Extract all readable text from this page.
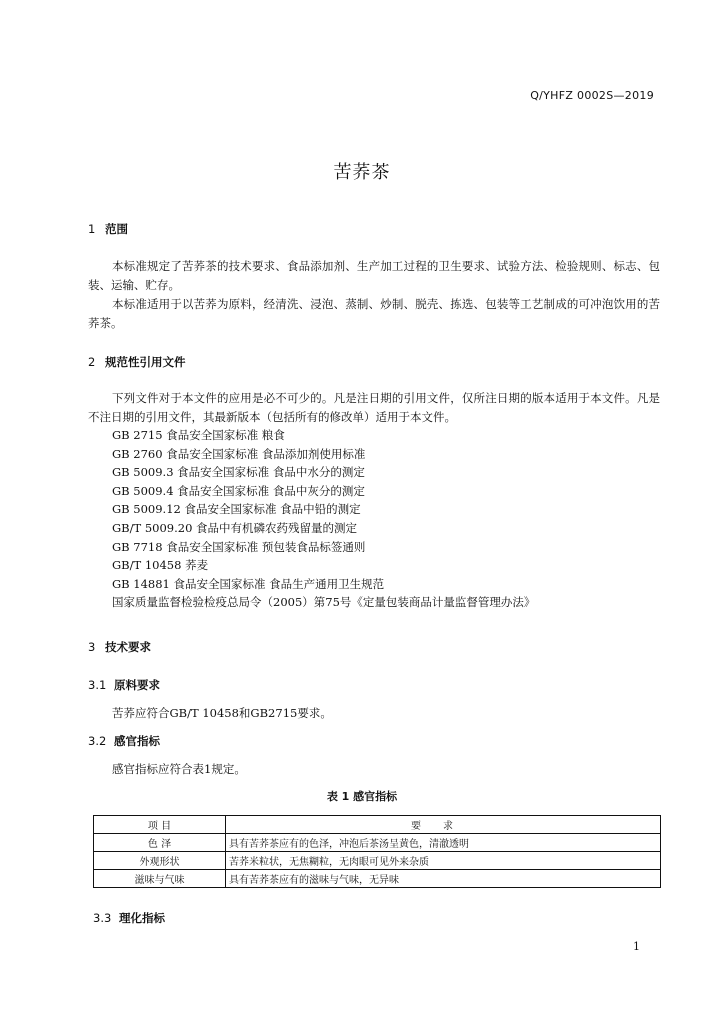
Q/YHFZ 0002S—2019
苦荞茶
1 范围
本标准规定了苦荞茶的技术要求、食品添加剂、生产加工过程的卫生要求、试验方法、检验规则、标志、包装、运输、贮存。
本标准适用于以苦荞为原料，经清洗、浸泡、蒸制、炒制、脱壳、拣选、包装等工艺制成的可冲泡饮用的苦荞茶。
2 规范性引用文件
下列文件对于本文件的应用是必不可少的。凡是注日期的引用文件，仅所注日期的版本适用于本文件。凡是不注日期的引用文件，其最新版本（包括所有的修改单）适用于本文件。
GB 2715 食品安全国家标准 粮食
GB 2760 食品安全国家标准 食品添加剂使用标准
GB 5009.3 食品安全国家标准 食品中水分的测定
GB 5009.4 食品安全国家标准 食品中灰分的测定
GB 5009.12 食品安全国家标准 食品中铅的测定
GB/T 5009.20 食品中有机磷农药残留量的测定
GB 7718 食品安全国家标准 预包装食品标签通则
GB/T 10458 荞麦
GB 14881 食品安全国家标准 食品生产通用卫生规范
国家质量监督检验检疫总局令（2005）第75号《定量包装商品计量监督管理办法》
3 技术要求
3.1 原料要求
苦荞应符合GB/T 10458和GB2715要求。
3.2 感官指标
感官指标应符合表1规定。
表 1 感官指标
项 目	要求
色 泽	具有苦荞茶应有的色泽，冲泡后茶汤呈黄色，清澈透明
外观形状	苦荞米粒状，无焦糊粒，无肉眼可见外来杂质
滋味与气味	具有苦荞茶应有的滋味与气味，无异味
3.3 理化指标
1
